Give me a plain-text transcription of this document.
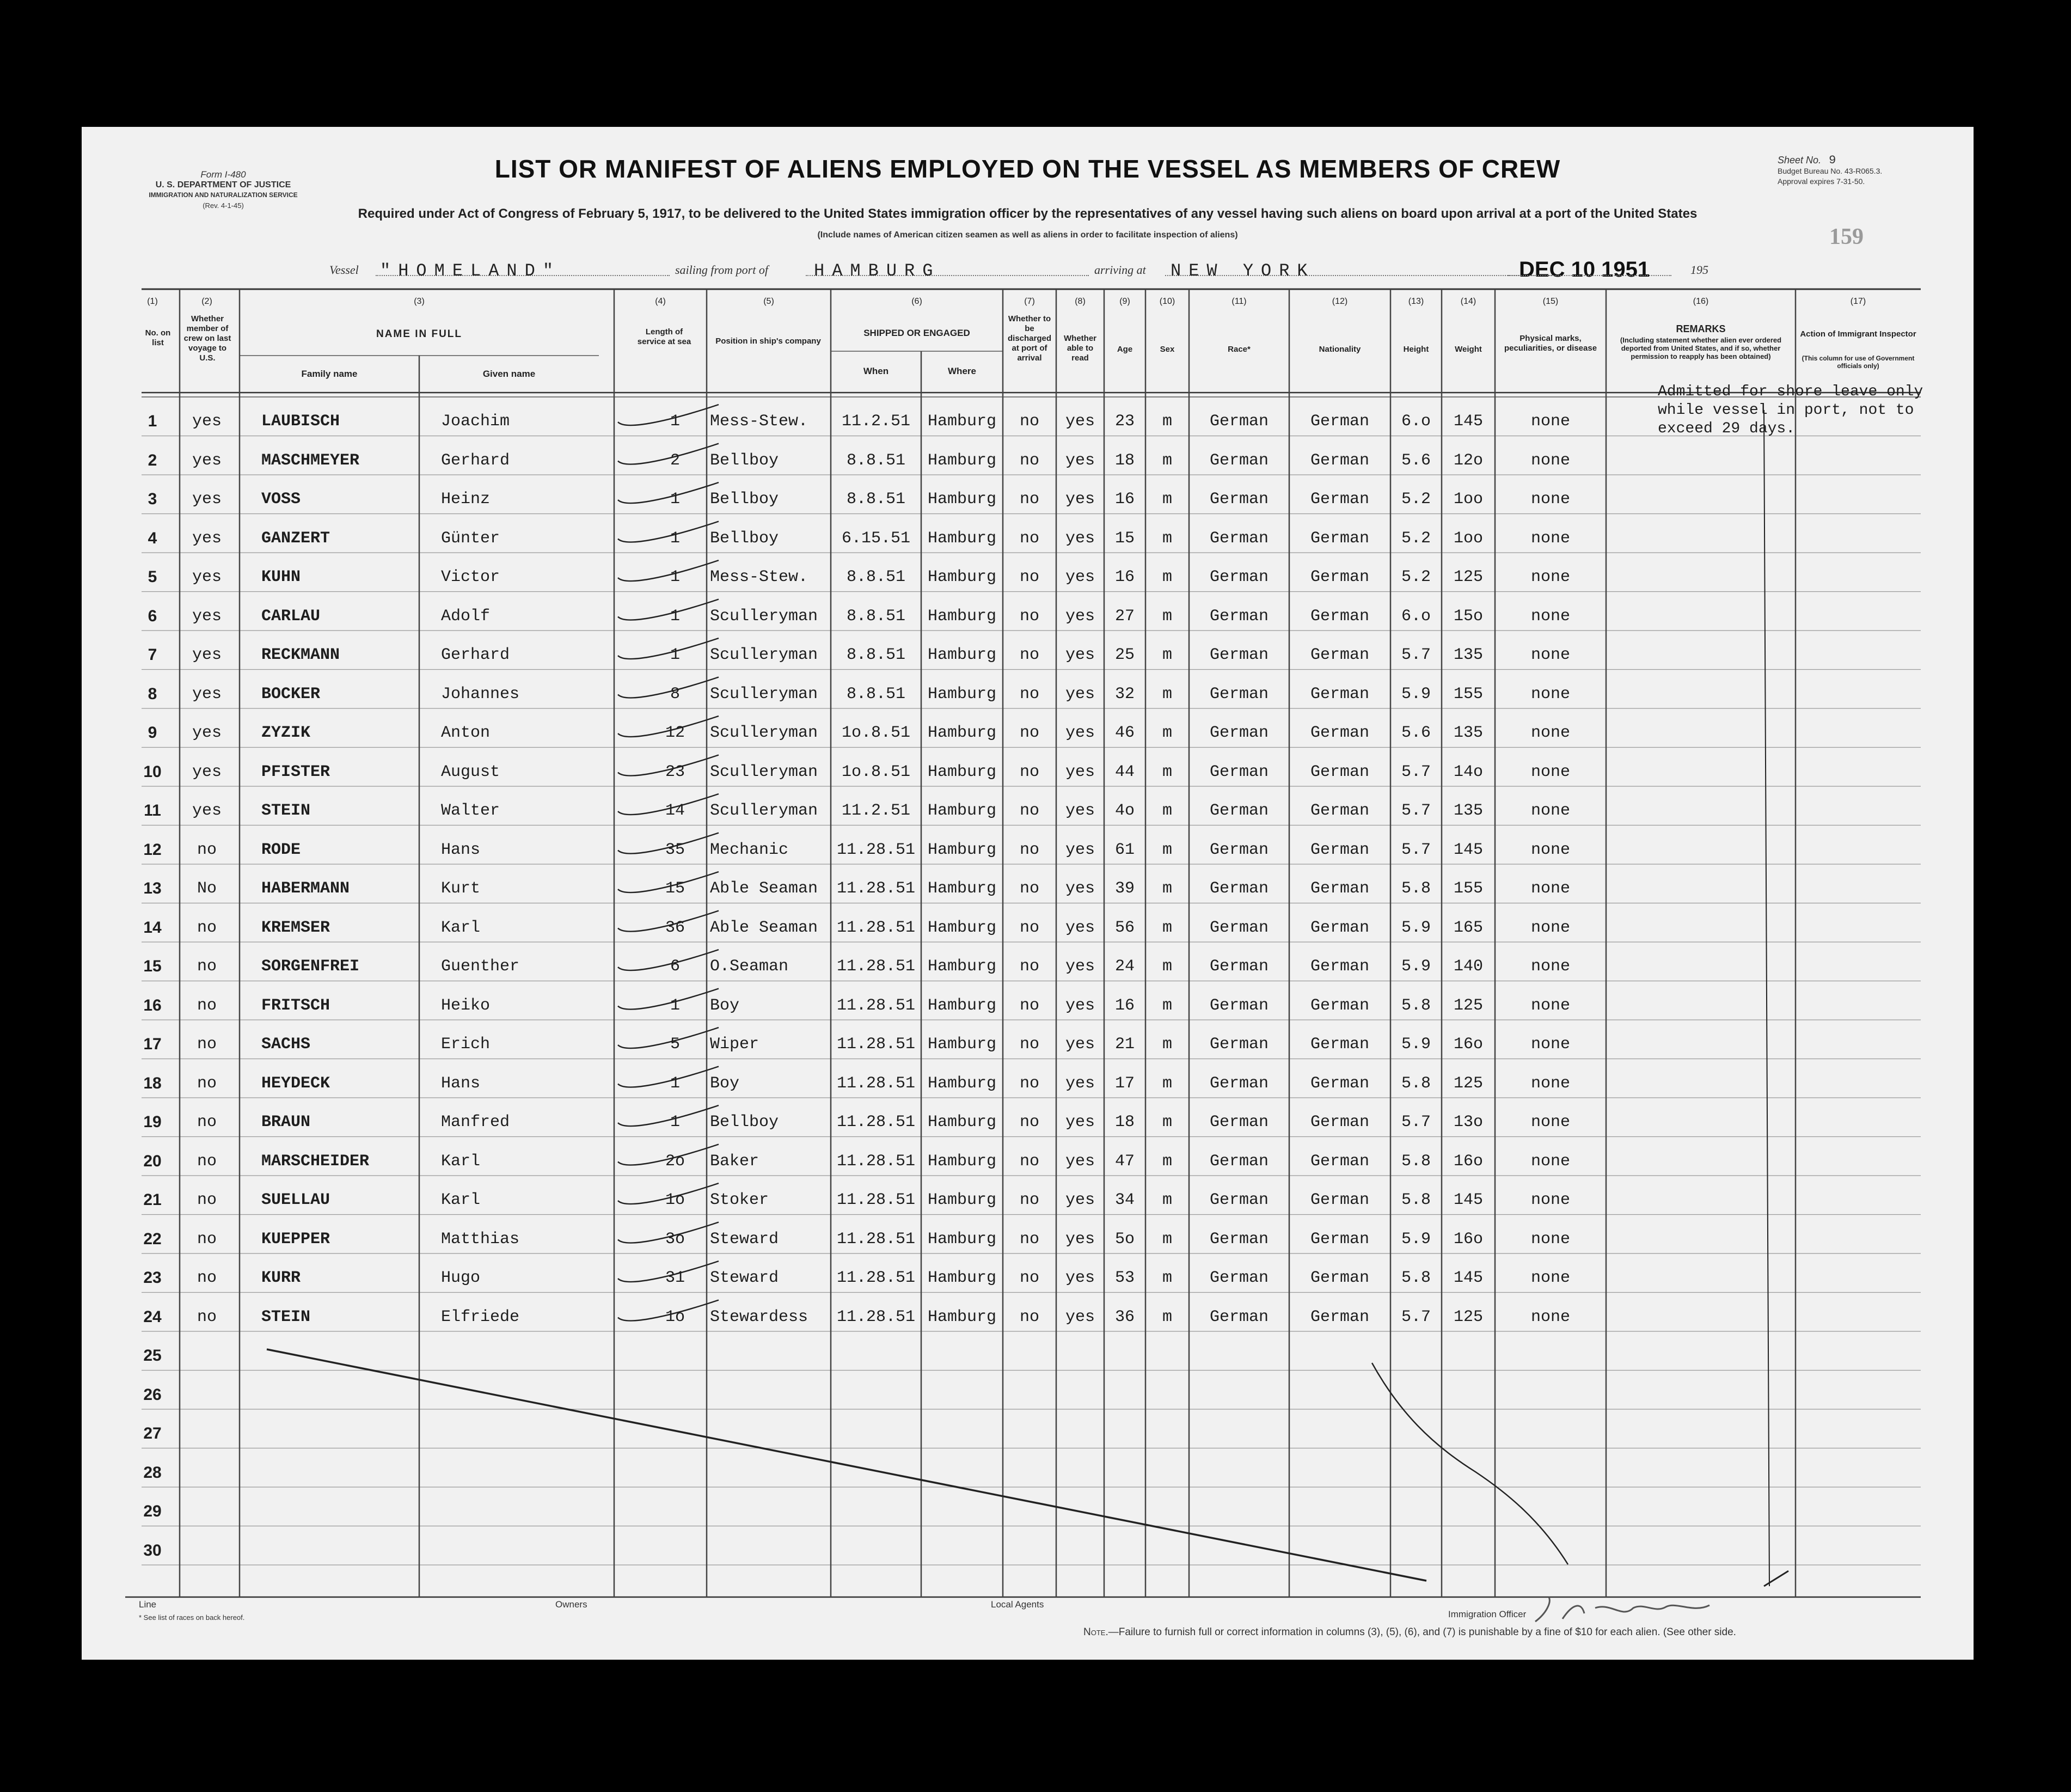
Form I-480
U. S. DEPARTMENT OF JUSTICE
IMMIGRATION AND NATURALIZATION SERVICE
(Rev. 4-1-45)
LIST OR MANIFEST OF ALIENS EMPLOYED ON THE VESSEL AS MEMBERS OF CREW
Required under Act of Congress of February 5, 1917, to be delivered to the United States immigration officer by the representatives of any vessel having such aliens on board upon arrival at a port of the United States
(Include names of American citizen seamen as well as aliens in order to facilitate inspection of aliens)
Sheet No. 9
Budget Bureau No. 43-R065.3.
Approval expires 7-31-50.
159
Vessel "HOMELAND"	sailing from port of	HAMBURG	arriving at NEW YORK	DEC 10 1951	195
(1)
No. on list
(2)
Whether member of crew on last voyage to U.S.
(3)
NAME IN FULL
Family name	Given name
(4)
Length of service at sea
(5)
Position in ship's company
(6)
SHIPPED OR ENGAGED
When	Where
(7)
Whether to be discharged at port of arrival
(8)
Whether able to read
(9)
Age
(10)
Sex
(11)
Race*
(12)
Nationality
(13)
Height
(14)
Weight
(15)
Physical marks, peculiarities, or disease
(16)
REMARKS
(Including statement whether alien ever ordered deported from United States, and if so, whether permission to reapply has been obtained)
(17)
Action of Immigrant Inspector
(This column for use of Government officials only)
1	yes	LAUBISCH	Joachim	1	Mess-Stew.	11.2.51	Hamburg	no	yes	23	m	German	German	6.o	145	none
2	yes	MASCHMEYER	Gerhard	2	Bellboy	8.8.51	Hamburg	no	yes	18	m	German	German	5.6	12o	none
3	yes	VOSS	Heinz	1	Bellboy	8.8.51	Hamburg	no	yes	16	m	German	German	5.2	1oo	none
4	yes	GANZERT	Günter	1	Bellboy	6.15.51	Hamburg	no	yes	15	m	German	German	5.2	1oo	none
5	yes	KUHN	Victor	1	Mess-Stew.	8.8.51	Hamburg	no	yes	16	m	German	German	5.2	125	none
6	yes	CARLAU	Adolf	1	Sculleryman	8.8.51	Hamburg	no	yes	27	m	German	German	6.o	15o	none
7	yes	RECKMANN	Gerhard	1	Sculleryman	8.8.51	Hamburg	no	yes	25	m	German	German	5.7	135	none
8	yes	BOCKER	Johannes	8	Sculleryman	8.8.51	Hamburg	no	yes	32	m	German	German	5.9	155	none
9	yes	ZYZIK	Anton	12	Sculleryman	1o.8.51	Hamburg	no	yes	46	m	German	German	5.6	135	none
10	yes	PFISTER	August	23	Sculleryman	1o.8.51	Hamburg	no	yes	44	m	German	German	5.7	14o	none
11	yes	STEIN	Walter	14	Sculleryman	11.2.51	Hamburg	no	yes	4o	m	German	German	5.7	135	none
12	no	RODE	Hans	35	Mechanic	11.28.51 Hamburg	no	yes	61	m	German	German	5.7	145	none
13	No	HABERMANN	Kurt	15	Able Seaman	11.28.51 Hamburg	no	yes	39	m	German	German	5.8	155	none
14	no	KREMSER	Karl	36	Able Seaman	11.28.51 Hamburg	no	yes	56	m	German	German	5.9	165	none
15	no	SORGENFREI	Guenther	6	O.Seaman	11.28.51 Hamburg	no	yes	24	m	German	German	5.9	140	none
16	no	FRITSCH	Heiko	1	Boy	11.28.51 Hamburg	no	yes	16	m	German	German	5.8	125	none
17	no	SACHS	Erich	5	Wiper	11.28.51 Hamburg	no	yes	21	m	German	German	5.9	16o	none
18	no	HEYDECK	Hans	1	Boy	11.28.51 Hamburg	no	yes	17	m	German	German	5.8	125	none
19	no	BRAUN	Manfred	1	Bellboy	11.28.51 Hamburg	no	yes	18	m	German	German	5.7	13o	none
20	no	MARSCHEIDER	Karl	2o	Baker	11.28.51 Hamburg	no	yes	47	m	German	German	5.8	16o	none
21	no	SUELLAU	Karl	1o	Stoker	11.28.51 Hamburg	no	yes	34	m	German	German	5.8	145	none
22	no	KUEPPER	Matthias	3o	Steward	11.28.51 Hamburg	no	yes	5o	m	German	German	5.9	16o	none
23	no	KURR	Hugo	31	Steward	11.28.51 Hamburg	no	yes	53	m	German	German	5.8	145	none
24	no	STEIN	Elfriede	1o	Stewardess	11.28.51 Hamburg	no	yes	36	m	German	German	5.7	125	none
25
26
27
28
29
30
Admitted for shore leave only
while vessel in port, not to
exceed 29 days.
Line	Owners	Local Agents
Immigration Officer
* See list of races on back hereof.
Note.—Failure to furnish full or correct information in columns (3), (5), (6), and (7) is punishable by a fine of $10 for each alien. (See other side.
